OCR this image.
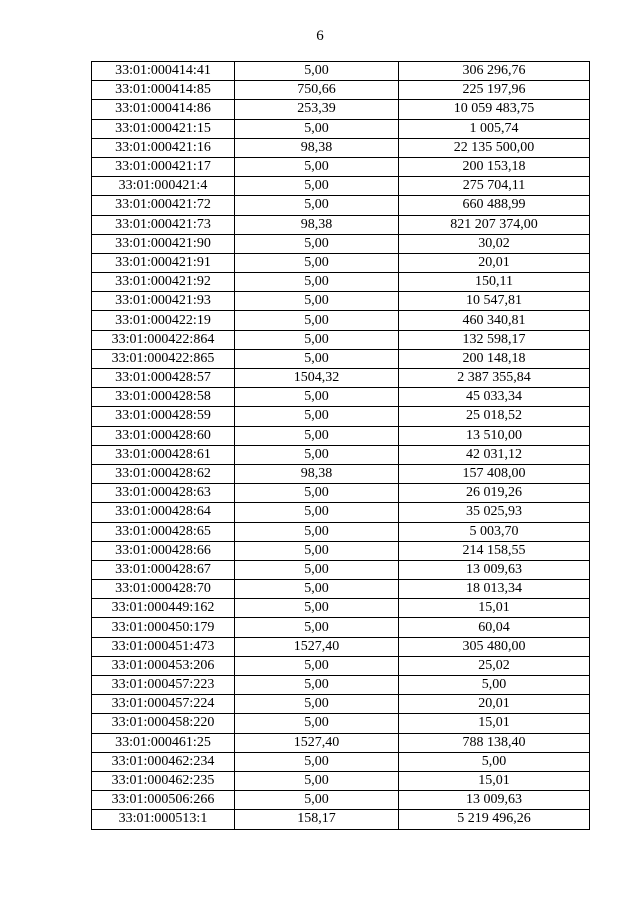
6
33:01:000414:41	5,00	306 296,76
33:01:000414:85	750,66	225 197,96
33:01:000414:86	253,39	10 059 483,75
33:01:000421:15	5,00	1 005,74
33:01:000421:16	98,38	22 135 500,00
33:01:000421:17	5,00	200 153,18
33:01:000421:4	5,00	275 704,11
33:01:000421:72	5,00	660 488,99
33:01:000421:73	98,38	821 207 374,00
33:01:000421:90	5,00	30,02
33:01:000421:91	5,00	20,01
33:01:000421:92	5,00	150,11
33:01:000421:93	5,00	10 547,81
33:01:000422:19	5,00	460 340,81
33:01:000422:864	5,00	132 598,17
33:01:000422:865	5,00	200 148,18
33:01:000428:57	1504,32	2 387 355,84
33:01:000428:58	5,00	45 033,34
33:01:000428:59	5,00	25 018,52
33:01:000428:60	5,00	13 510,00
33:01:000428:61	5,00	42 031,12
33:01:000428:62	98,38	157 408,00
33:01:000428:63	5,00	26 019,26
33:01:000428:64	5,00	35 025,93
33:01:000428:65	5,00	5 003,70
33:01:000428:66	5,00	214 158,55
33:01:000428:67	5,00	13 009,63
33:01:000428:70	5,00	18 013,34
33:01:000449:162	5,00	15,01
33:01:000450:179	5,00	60,04
33:01:000451:473	1527,40	305 480,00
33:01:000453:206	5,00	25,02
33:01:000457:223	5,00	5,00
33:01:000457:224	5,00	20,01
33:01:000458:220	5,00	15,01
33:01:000461:25	1527,40	788 138,40
33:01:000462:234	5,00	5,00
33:01:000462:235	5,00	15,01
33:01:000506:266	5,00	13 009,63
33:01:000513:1	158,17	5 219 496,26
